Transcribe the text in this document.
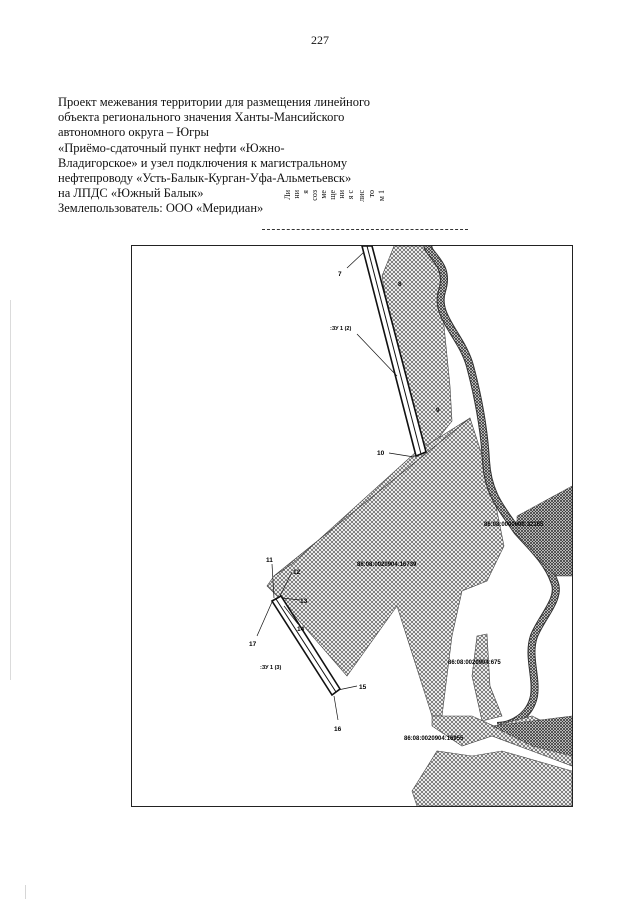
227
Проект межевания территории для размещения линейного
объекта регионального значения Ханты-Мансийского
автономного округа – Югры
«Приёмо-сдаточный пункт нефти «Южно-
Владигорское» и узел подключения к магистральному
нефтепроводу «Усть-Балык-Курган-Уфа-Альметьевск»
на ЛПДС «Южный Балык»
Землепользователь: ООО «Меридиан»
Ли ни я соз ме ще ни я с лис то м 1
7
8
9
10
11
12
13
14
15
16
17
:ЗУ 1 (2)
:ЗУ 1 (3)
86:08:0000000:32165
86:08:0020904:16739
86:08:0020904:675
86:08:0020904:16955
